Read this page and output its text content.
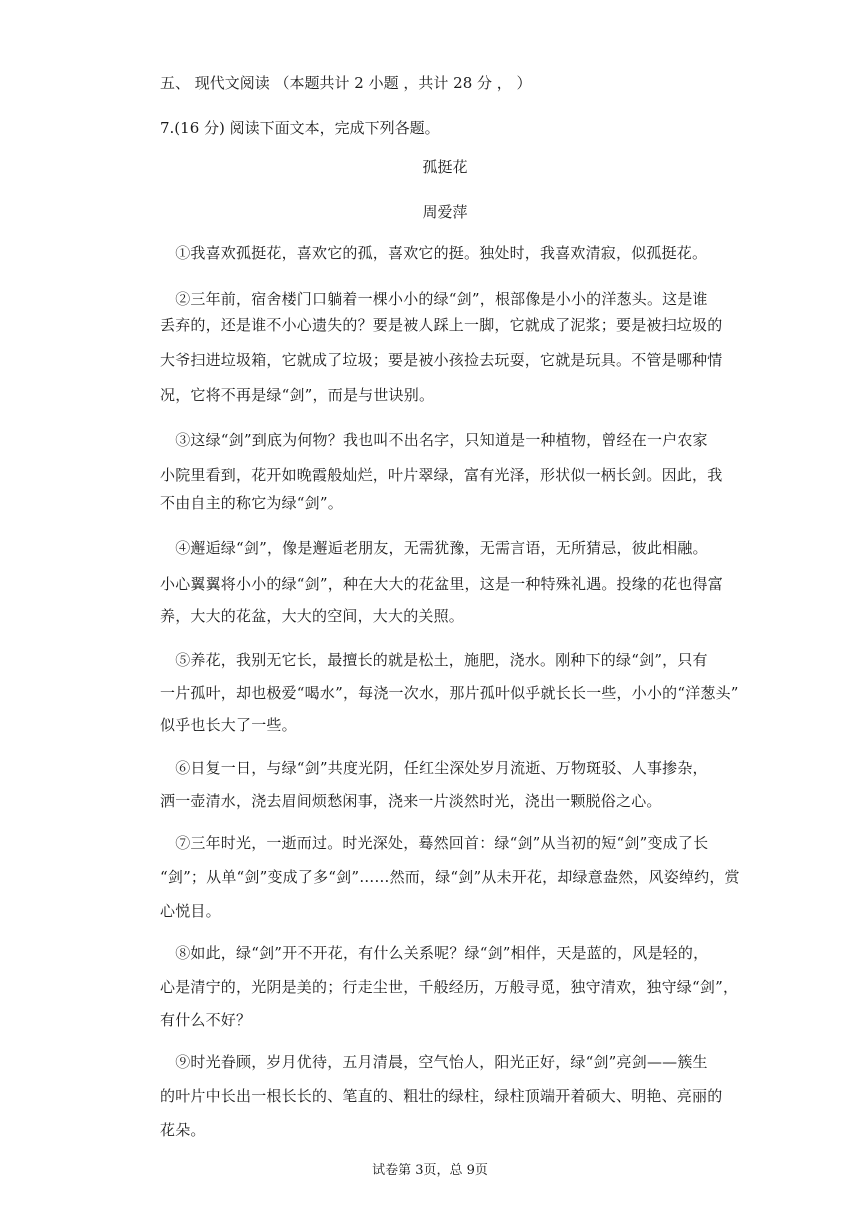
五、 现代文阅读 （本题共计 2 小题 ，共计 28 分 ， ）
7.(16 分) 阅读下面文本，完成下列各题。
孤挺花
周爱萍
　①我喜欢孤挺花，喜欢它的孤，喜欢它的挺。独处时，我喜欢清寂，似孤挺花。
　②三年前，宿舍楼门口躺着一棵小小的绿“剑”，根部像是小小的洋葱头。这是谁
丢弃的，还是谁不小心遗失的？要是被人踩上一脚，它就成了泥浆；要是被扫垃圾的
大爷扫进垃圾箱，它就成了垃圾；要是被小孩捡去玩耍，它就是玩具。不管是哪种情
况，它将不再是绿“剑”，而是与世诀别。
　③这绿“剑”到底为何物？我也叫不出名字，只知道是一种植物，曾经在一户农家
小院里看到，花开如晚霞般灿烂，叶片翠绿，富有光泽，形状似一柄长剑。因此，我
不由自主的称它为绿“剑”。
　④邂逅绿“剑”，像是邂逅老朋友，无需犹豫，无需言语，无所猜忌，彼此相融。
小心翼翼将小小的绿“剑”，种在大大的花盆里，这是一种特殊礼遇。投缘的花也得富
养，大大的花盆，大大的空间，大大的关照。
　⑤养花，我别无它长，最擅长的就是松土，施肥，浇水。刚种下的绿“剑”，只有
一片孤叶，却也极爱“喝水”，每浇一次水，那片孤叶似乎就长长一些，小小的“洋葱头”
似乎也长大了一些。
　⑥日复一日，与绿“剑”共度光阴，任红尘深处岁月流逝、万物斑驳、人事掺杂，
洒一壶清水，浇去眉间烦愁闲事，浇来一片淡然时光，浇出一颗脱俗之心。
　⑦三年时光，一逝而过。时光深处，蓦然回首：绿“剑”从当初的短“剑”变成了长
“剑”；从单“剑”变成了多“剑”……然而，绿“剑”从未开花，却绿意盎然，风姿绰约，赏
心悦目。
　⑧如此，绿“剑”开不开花，有什么关系呢？绿“剑”相伴，天是蓝的，风是轻的，
心是清宁的，光阴是美的；行走尘世，千般经历，万般寻觅，独守清欢，独守绿“剑”，
有什么不好？
　⑨时光眷顾，岁月优待，五月清晨，空气怡人，阳光正好，绿“剑”亮剑——簇生
的叶片中长出一根长长的、笔直的、粗壮的绿柱，绿柱顶端开着硕大、明艳、亮丽的
花朵。
试卷第 3页，总 9页
